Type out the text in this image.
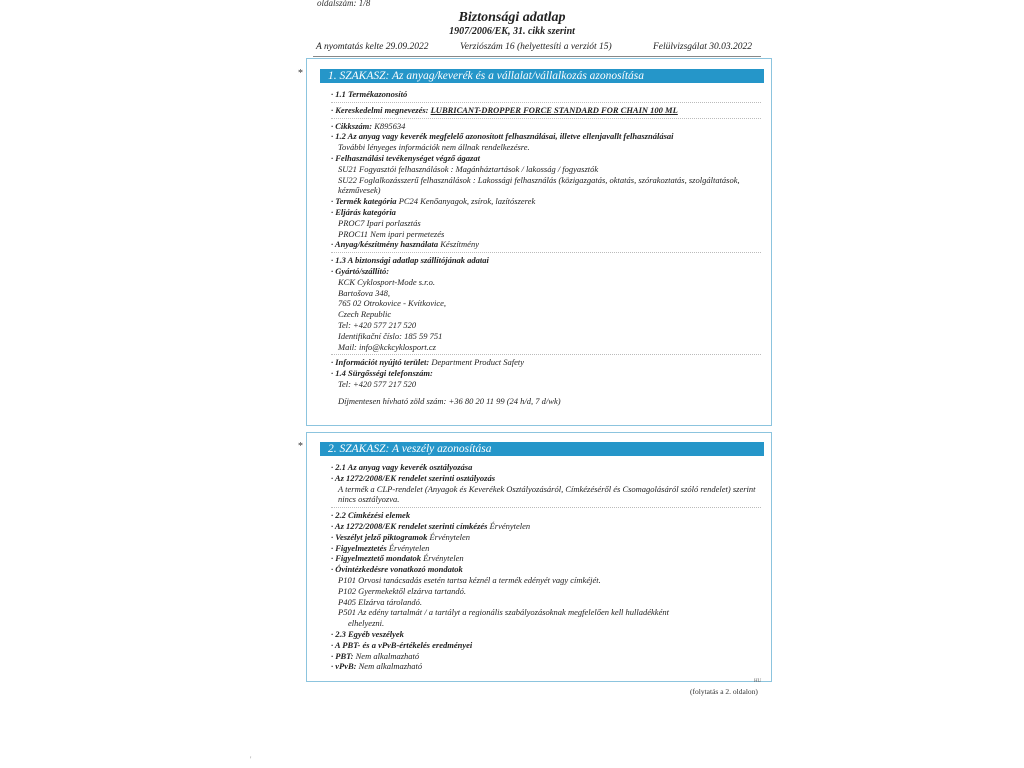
oldalszám: 1/8
Biztonsági adatlap
1907/2006/EK, 31. cikk szerint
A nyomtatás kelte 29.09.2022	Verziószám 16 (helyettesíti a verziót 15)	Felülvizsgálat 30.03.2022
*	1. SZAKASZ: Az anyag/keverék és a vállalat/vállalkozás azonosítása
· 1.1 Termékazonosító
· Kereskedelmi megnevezés: LUBRICANT-DROPPER FORCE STANDARD FOR CHAIN 100 ML
· Cikkszám: K895634
· 1.2 Az anyag vagy keverék megfelelő azonosított felhasználásai, illetve ellenjavallt felhasználásai
További lényeges információk nem állnak rendelkezésre.
· Felhasználási tevékenységet végző ágazat
SU21 Fogyasztói felhasználások : Magánháztartások / lakosság / fogyasztók
SU22 Foglalkozásszerű felhasználások : Lakossági felhasználás (közigazgatás, oktatás, szórakoztatás, szolgáltatások, kézművesek)
· Termék kategória PC24 Kenőanyagok, zsírok, lazítószerek
· Eljárás kategória
PROC7 Ipari porlasztás
PROC11 Nem ipari permetezés
· Anyag/készítmény használata Készítmény
· 1.3 A biztonsági adatlap szállítójának adatai
· Gyártó/szállító:
KCK Cyklosport-Mode s.r.o.
Bartošova 348,
765 02 Otrokovice - Kvítkovice,
Czech Republic
Tel: +420 577 217 520
Identifikační číslo: 185 59 751
Mail: info@kckcyklosport.cz
· Információt nyújtó terület: Department Product Safety
· 1.4 Sürgősségi telefonszám:
Tel: +420 577 217 520
Díjmentesen hívható zöld szám: +36 80 20 11 99 (24 h/d, 7 d/wk)
*	2. SZAKASZ: A veszély azonosítása
· 2.1 Az anyag vagy keverék osztályozása
· Az 1272/2008/EK rendelet szerinti osztályozás
A termék a CLP-rendelet (Anyagok és Keverékek Osztályozásáról, Címkézéséről és Csomagolásáról szóló rendelet) szerint nincs osztályozva.
· 2.2 Címkézési elemek
· Az 1272/2008/EK rendelet szerinti címkézés Érvénytelen
· Veszélyt jelző piktogramok Érvénytelen
· Figyelmeztetés Érvénytelen
· Figyelmeztető mondatok Érvénytelen
· Óvintézkedésre vonatkozó mondatok
P101 Orvosi tanácsadás esetén tartsa kéznél a termék edényét vagy címkéjét.
P102 Gyermekektől elzárva tartandó.
P405 Elzárva tárolandó.
P501 Az edény tartalmát / a tartályt a regionális szabályozásoknak megfelelően kell hulladékként
elhelyezni.
· 2.3 Egyéb veszélyek
· A PBT- és a vPvB-értékelés eredményei
· PBT: Nem alkalmazható
· vPvB: Nem alkalmazható
HU
(folytatás a 2. oldalon)
'
